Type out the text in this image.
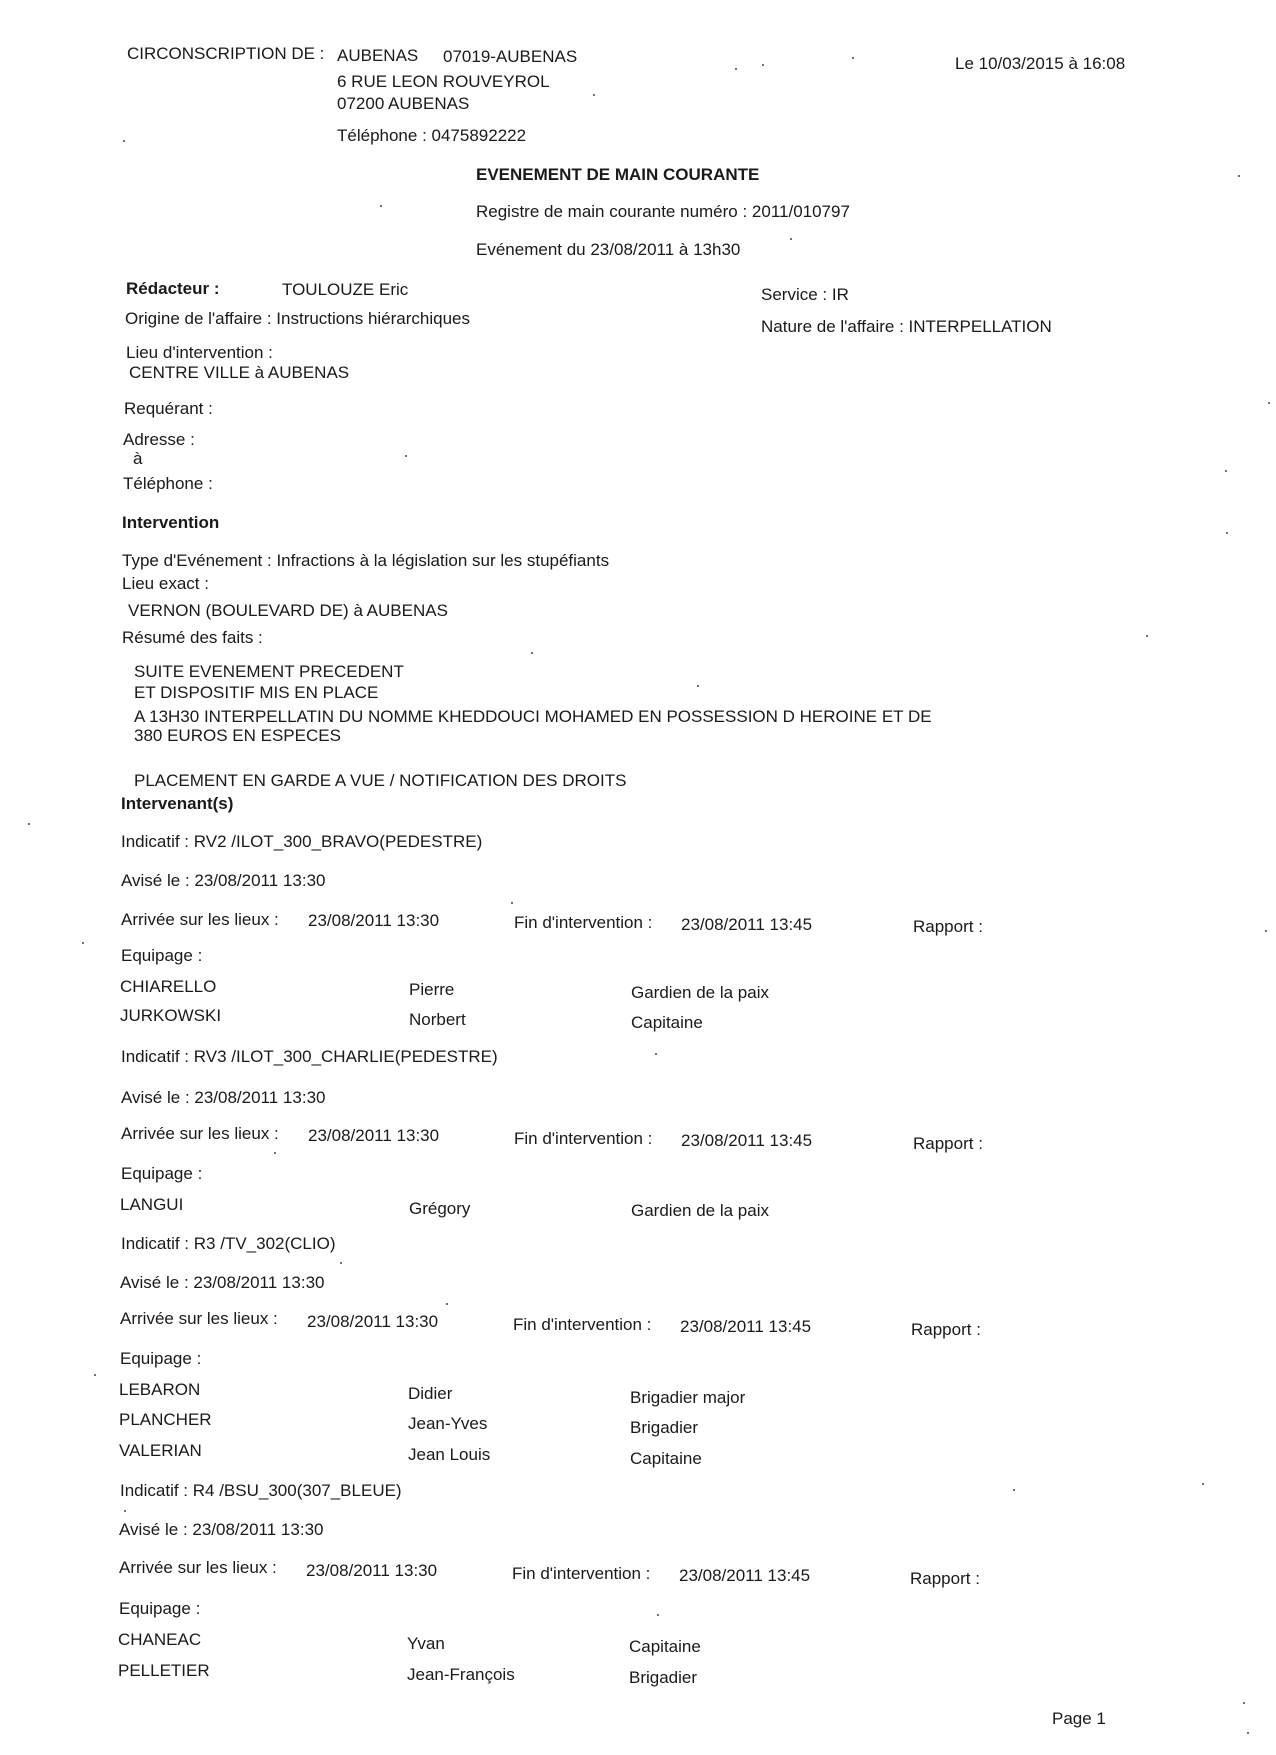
CIRCONSCRIPTION DE : AUBENAS 07019-AUBENAS
6 RUE LEON ROUVEYROL
07200 AUBENAS
Téléphone : 0475892222
Le 10/03/2015 à 16:08
EVENEMENT DE MAIN COURANTE
Registre de main courante numéro : 2011/010797
Evénement du 23/08/2011 à 13h30
Rédacteur :	TOULOUZE Eric	Service : IR
Origine de l'affaire : Instructions hiérarchiques	Nature de l'affaire : INTERPELLATION
Lieu d'intervention :
CENTRE VILLE à AUBENAS
Requérant :
Adresse :
à
Téléphone :
Intervention
Type d'Evénement : Infractions à la législation sur les stupéfiants
Lieu exact :
VERNON (BOULEVARD DE) à AUBENAS
Résumé des faits :
SUITE EVENEMENT PRECEDENT
ET DISPOSITIF MIS EN PLACE
A 13H30 INTERPELLATIN DU NOMME KHEDDOUCI MOHAMED EN POSSESSION D HEROINE ET DE
380 EUROS EN ESPECES
PLACEMENT EN GARDE A VUE / NOTIFICATION DES DROITS
Intervenant(s)
Indicatif : RV2 /ILOT_300_BRAVO(PEDESTRE)
Avisé le : 23/08/2011 13:30
Arrivée sur les lieux : 23/08/2011 13:30	Fin d'intervention : 23/08/2011 13:45	Rapport :
Equipage :
CHIARELLO	Pierre	Gardien de la paix
JURKOWSKI	Norbert	Capitaine
Indicatif : RV3 /ILOT_300_CHARLIE(PEDESTRE)
Avisé le : 23/08/2011 13:30
Arrivée sur les lieux : 23/08/2011 13:30	Fin d'intervention : 23/08/2011 13:45	Rapport :
Equipage :
LANGUI	Grégory	Gardien de la paix
Indicatif : R3 /TV_302(CLIO)
Avisé le : 23/08/2011 13:30
Arrivée sur les lieux : 23/08/2011 13:30	Fin d'intervention : 23/08/2011 13:45	Rapport :
Equipage :
LEBARON	Didier	Brigadier major
PLANCHER	Jean-Yves	Brigadier
VALERIAN	Jean Louis	Capitaine
Indicatif : R4 /BSU_300(307_BLEUE)
Avisé le : 23/08/2011 13:30
Arrivée sur les lieux : 23/08/2011 13:30	Fin d'intervention : 23/08/2011 13:45	Rapport :
Equipage :
CHANEAC	Yvan	Capitaine
PELLETIER	Jean-François	Brigadier
Page 1
